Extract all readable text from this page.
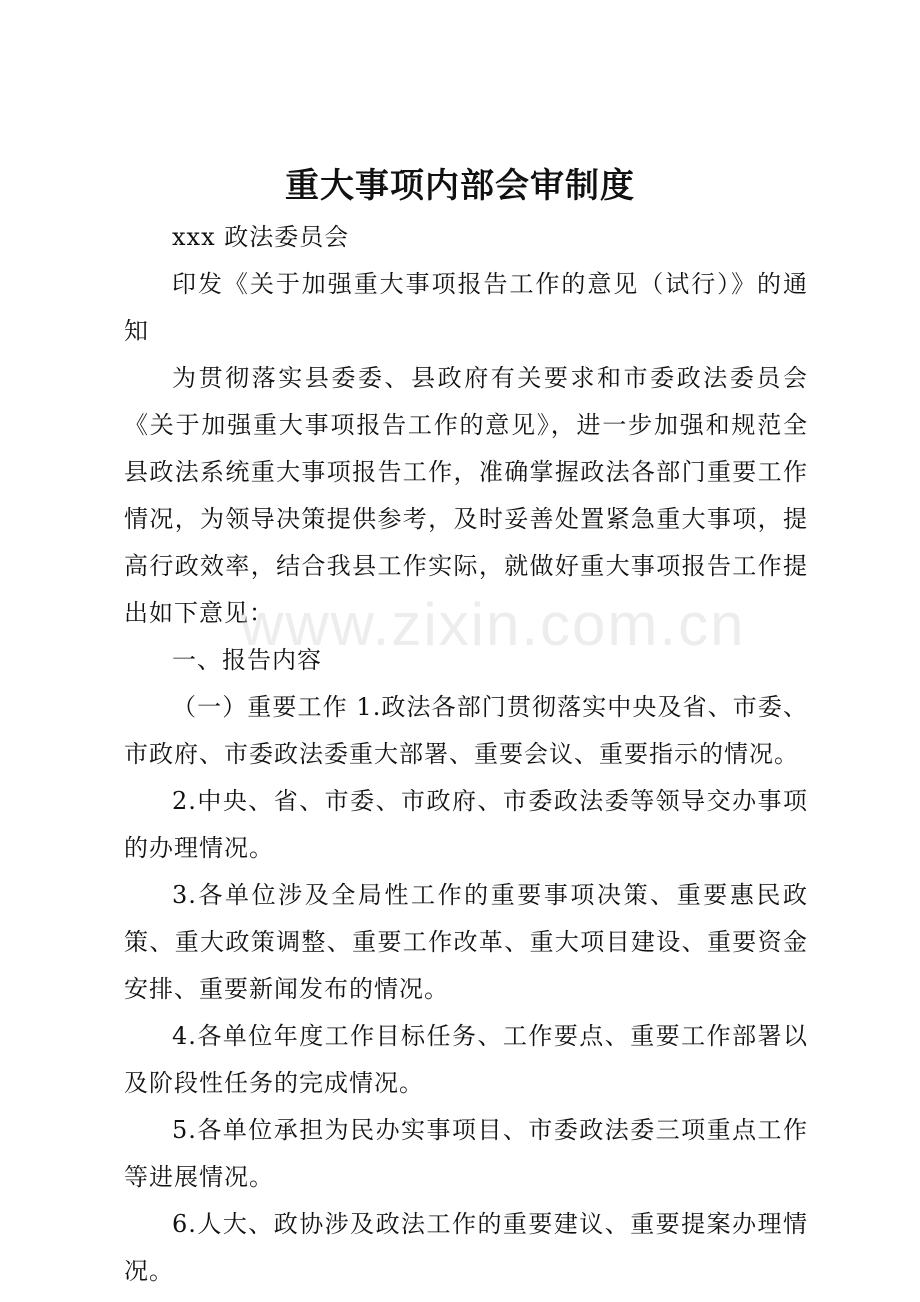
重大事项内部会审制度

xxx 政法委员会

印发《关于加强重大事项报告工作的意见（试行）》的通知

为贯彻落实县委委、县政府有关要求和市委政法委员会《关于加强重大事项报告工作的意见》，进一步加强和规范全县政法系统重大事项报告工作，准确掌握政法各部门重要工作情况，为领导决策提供参考，及时妥善处置紧急重大事项，提高行政效率，结合我县工作实际，就做好重大事项报告工作提出如下意见：

一、报告内容

（一）重要工作 1.政法各部门贯彻落实中央及省、市委、市政府、市委政法委重大部署、重要会议、重要指示的情况。

2.中央、省、市委、市政府、市委政法委等领导交办事项的办理情况。

3.各单位涉及全局性工作的重要事项决策、重要惠民政策、重大政策调整、重要工作改革、重大项目建设、重要资金安排、重要新闻发布的情况。

4.各单位年度工作目标任务、工作要点、重要工作部署以及阶段性任务的完成情况。

5.各单位承担为民办实事项目、市委政法委三项重点工作等进展情况。

6.人大、政协涉及政法工作的重要建议、重要提案办理情况。

www.zixin.com.cn
